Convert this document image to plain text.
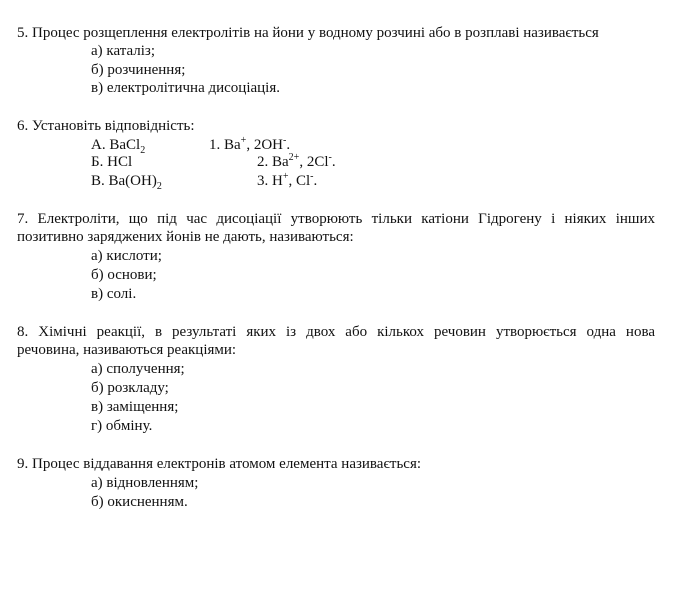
5. Процес розщеплення електролітів на йони у водному розчині або в розплаві називається
а) каталіз;
б) розчинення;
в) електролітична дисоціація.
6. Установіть відповідність:
А. BaCl$_2$
Б. HCl
В. $Ba(OH)_2$
1. Ba+, 2OH-.
2. $Ba^{2+}$, 2Cl-.
3. H+, Cl-.
7. Електроліти, що під час дисоціації утворюють тільки катіони Гідрогену і ніяких інших
позитивно заряджених йонів не дають, називаються:
а) кислоти;
б) основи;
в) солі.
8. Хімічні реакції, в результаті яких із двох або кількох речовин утворюється одна нова
речовина, називаються реакціями:
а) сполучення;
б) розкладу;
в) заміщення;
г) обміну.
9. Процес віддавання електронів атомом елемента називається:
а) відновленням;
б) окисненням.
